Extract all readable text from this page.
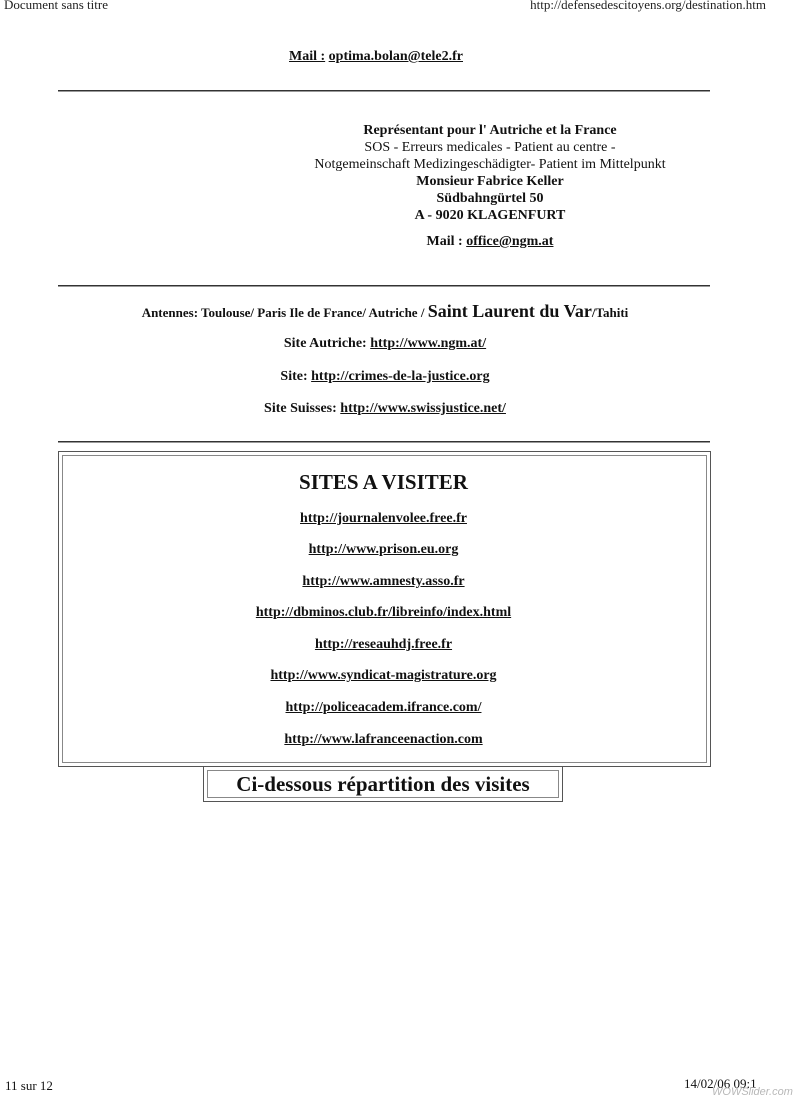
Document sans titre	http://defensedescitoyens.org/destination.htm
Mail : optima.bolan@tele2.fr
Représentant pour l' Autriche et la France
SOS - Erreurs medicales - Patient au centre -
Notgemeinschaft Medizingeschädigter- Patient im Mittelpunkt
Monsieur Fabrice Keller
Südbahngürtel 50
A - 9020 KLAGENFURT
Mail : office@ngm.at
Antennes: Toulouse/ Paris Ile de France/ Autriche / Saint Laurent du Var/Tahiti
Site Autriche: http://www.ngm.at/
Site: http://crimes-de-la-justice.org
Site Suisses: http://www.swissjustice.net/
SITES A VISITER
http://journalenvolee.free.fr
http://www.prison.eu.org
http://www.amnesty.asso.fr
http://dbminos.club.fr/libreinfo/index.html
http://reseauhdj.free.fr
http://www.syndicat-magistrature.org
http://policeacadem.ifrance.com/
http://www.lafranceenaction.com
Ci-dessous répartition des visites
11 sur 12	14/02/06 09:1
WOWSlider.com
